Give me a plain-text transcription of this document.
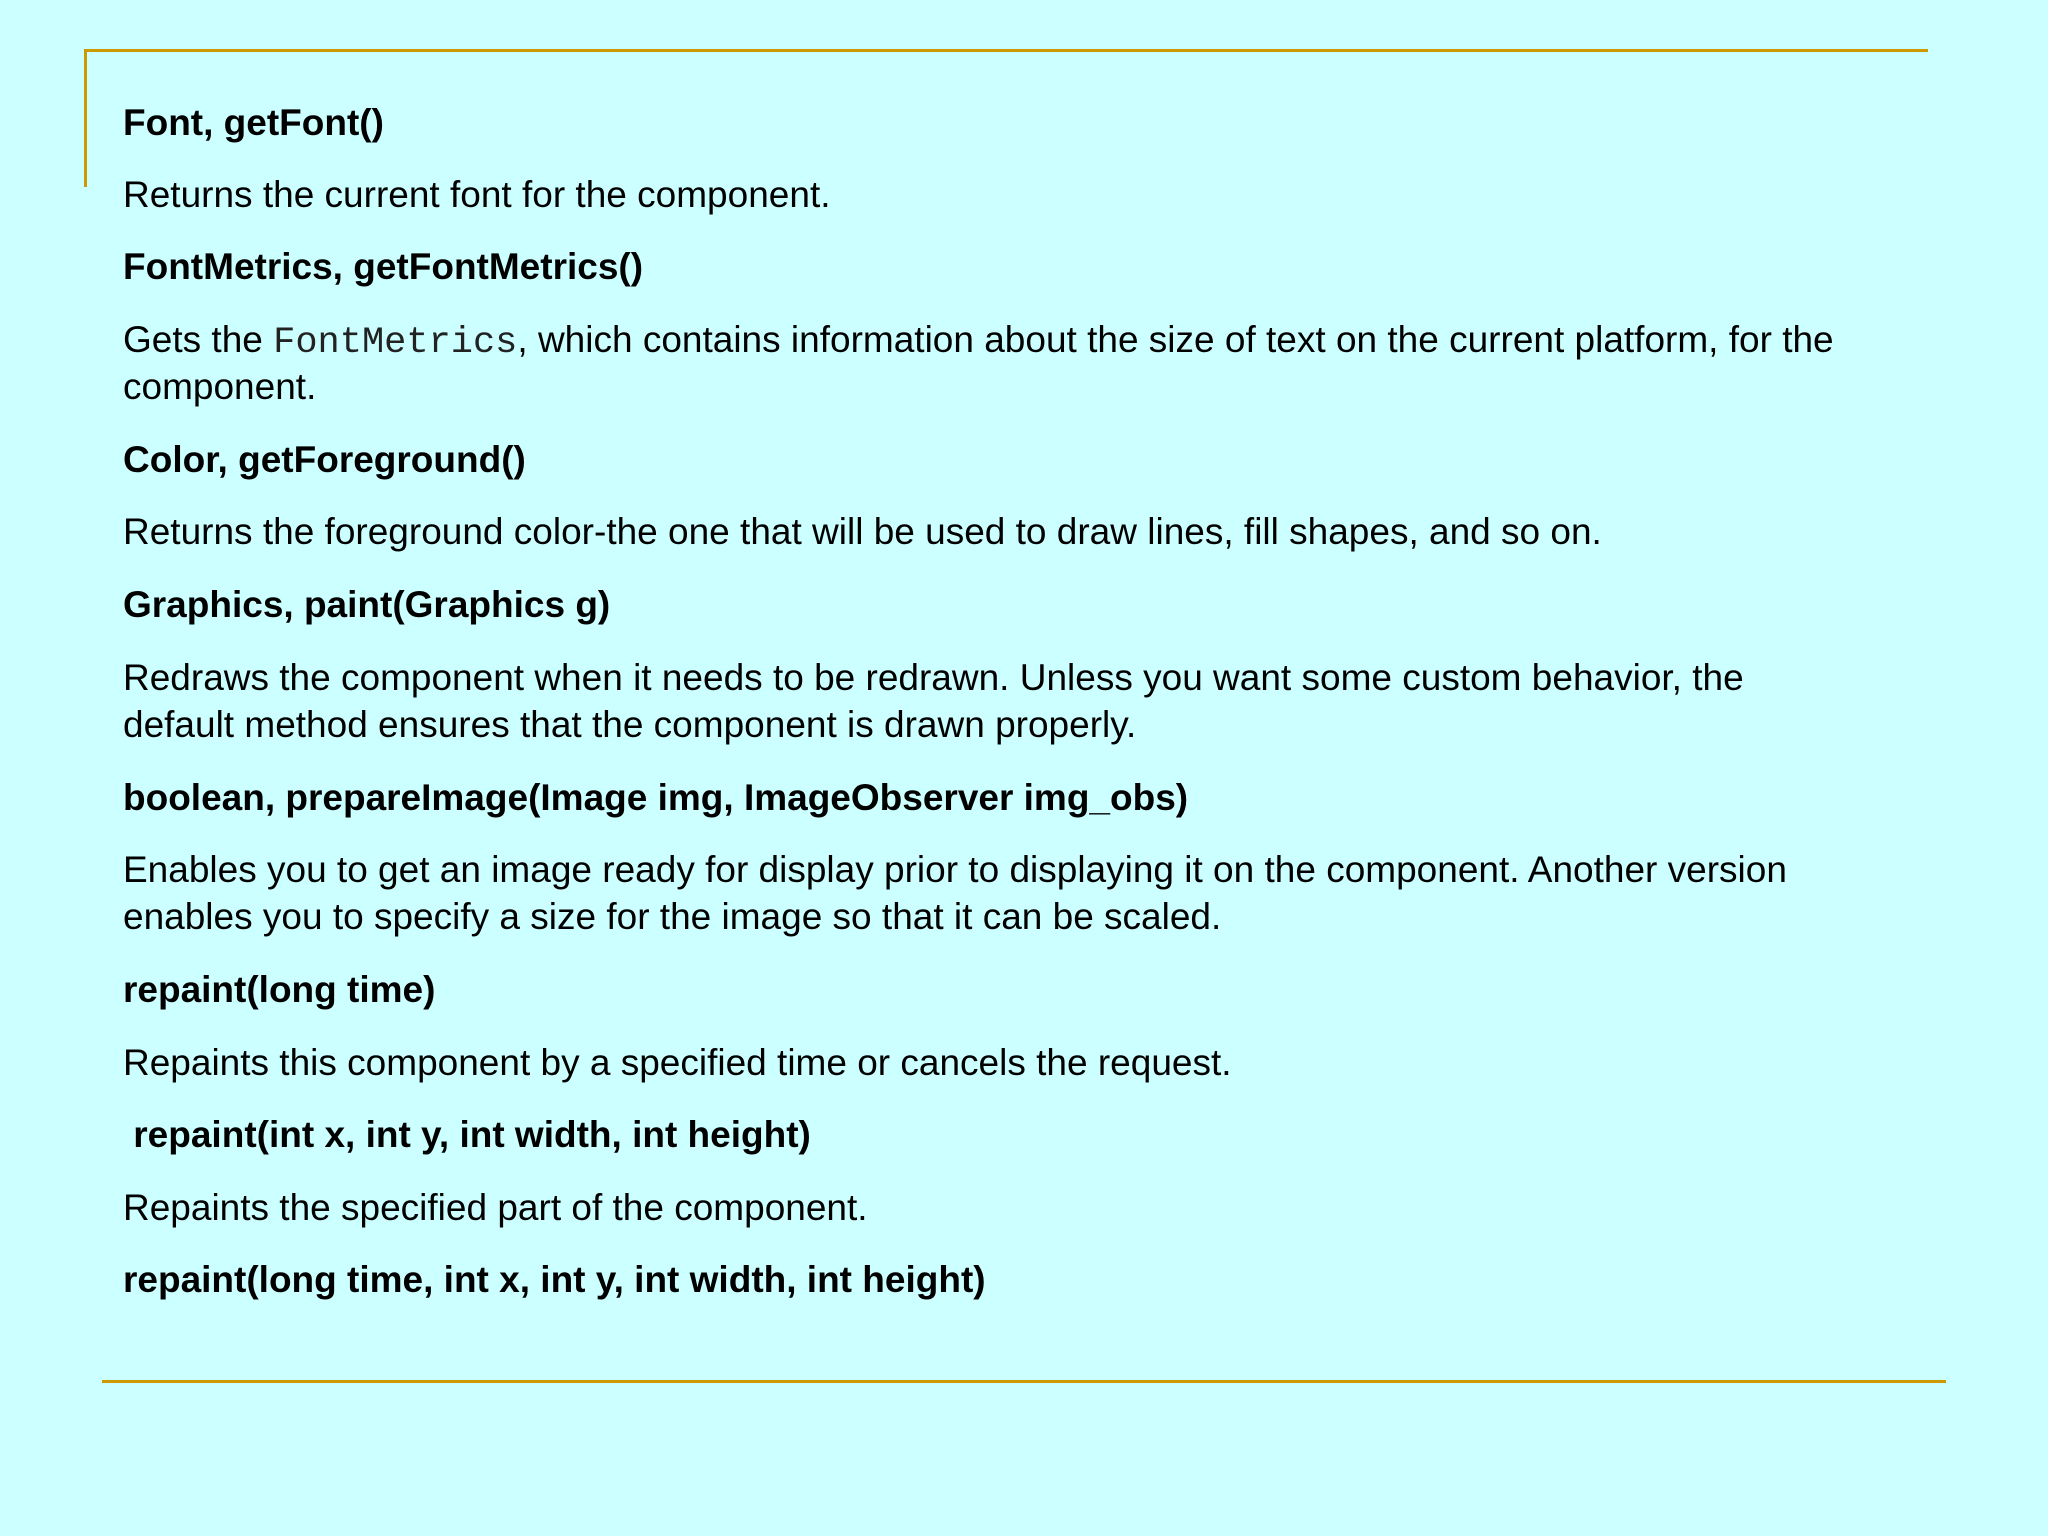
Font, getFont()
Returns the current font for the component.
FontMetrics, getFontMetrics()
Gets the FontMetrics, which contains information about the size of text on the current platform, for the
component.
Color, getForeground()
Returns the foreground color-the one that will be used to draw lines, fill shapes, and so on.
Graphics, paint(Graphics g)
Redraws the component when it needs to be redrawn. Unless you want some custom behavior, the
default method ensures that the component is drawn properly.
boolean, prepareImage(Image img, ImageObserver img_obs)
Enables you to get an image ready for display prior to displaying it on the component. Another version
enables you to specify a size for the image so that it can be scaled.
repaint(long time)
Repaints this component by a specified time or cancels the request.
repaint(int x, int y, int width, int height)
Repaints the specified part of the component.
repaint(long time, int x, int y, int width, int height)
